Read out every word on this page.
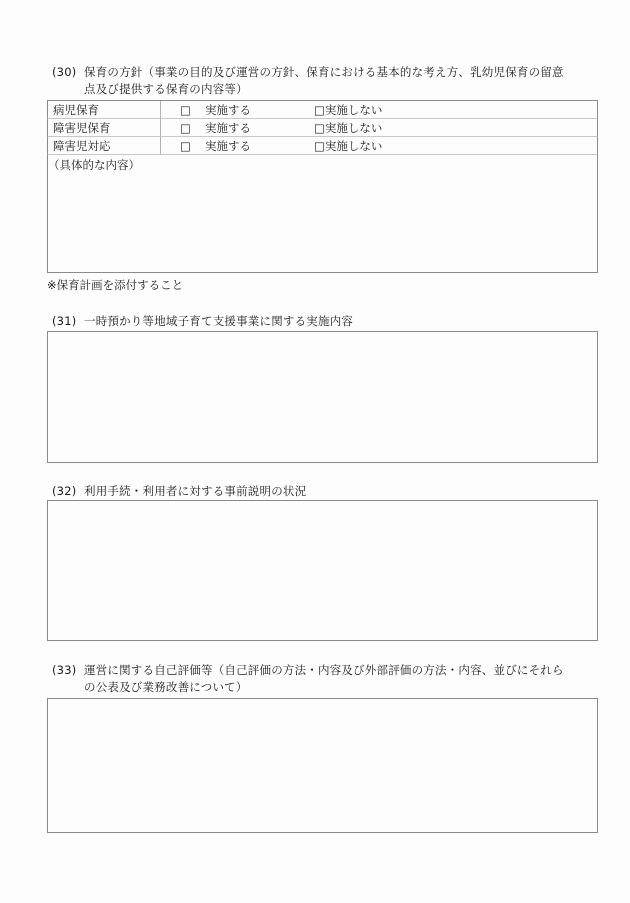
(30) 保育の方針（事業の目的及び運営の方針、保育における基本的な考え方、乳幼児保育の留意
点及び提供する保育の内容等）
病児保育	□ 実施する	□実施しない
障害児保育	□ 実施する	□実施しない
障害児対応	□ 実施する	□実施しない
（具体的な内容）
※保育計画を添付すること
(31) 一時預かり等地域子育て支援事業に関する実施内容
(32) 利用手続・利用者に対する事前説明の状況
(33) 運営に関する自己評価等（自己評価の方法・内容及び外部評価の方法・内容、並びにそれら
の公表及び業務改善について）
